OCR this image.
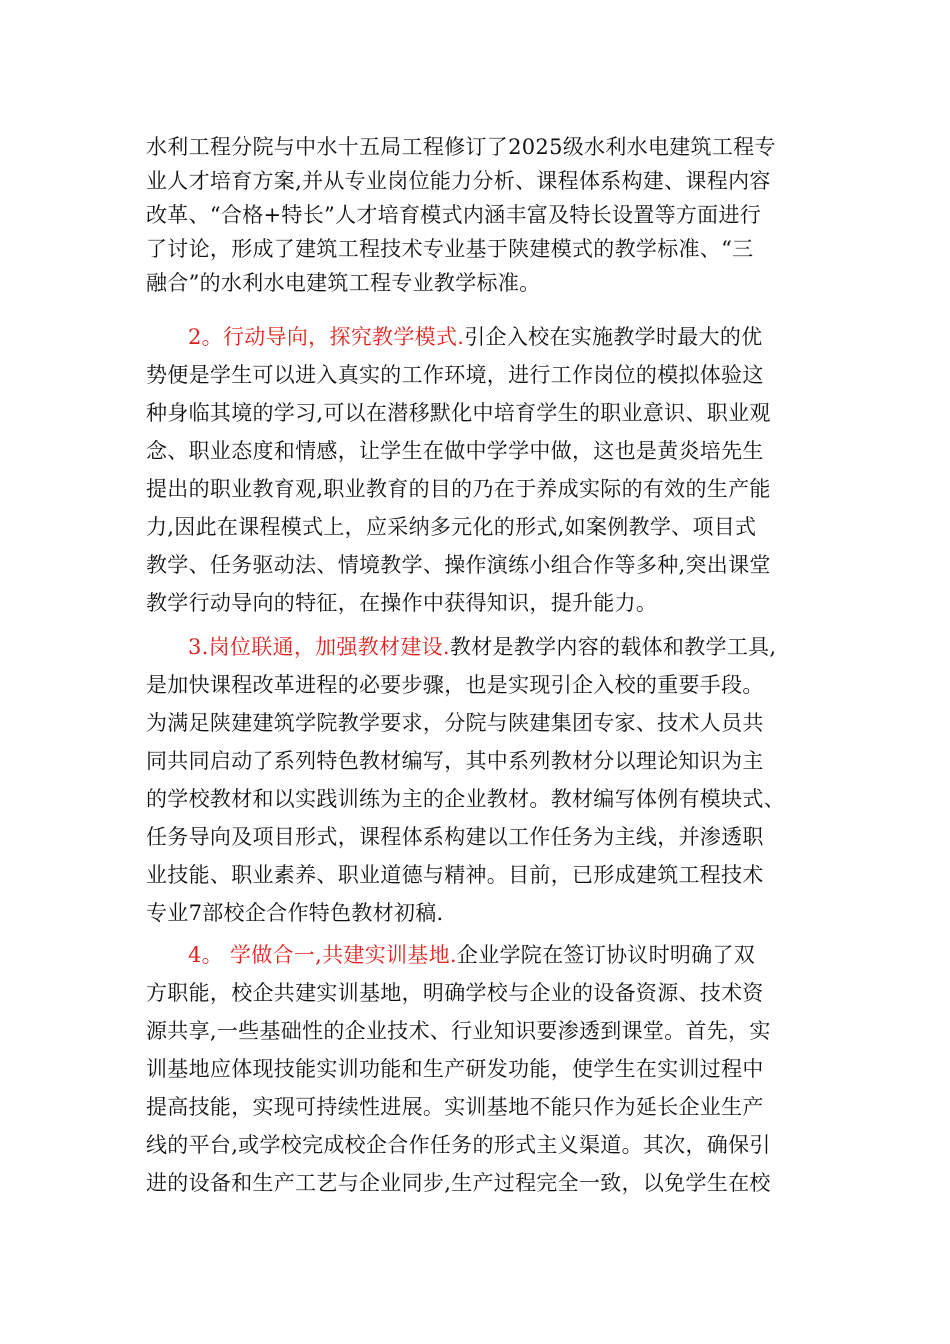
水利工程分院与中水十五局工程修订了2025级水利水电建筑工程专
业人才培育方案,并从专业岗位能力分析、课程体系构建、课程内容
改革、“合格+特长”人才培育模式内涵丰富及特长设置等方面进行
了讨论，形成了建筑工程技术专业基于陕建模式的教学标准、“三
融合”的水利水电建筑工程专业教学标准。
2。行动导向，探究教学模式.引企入校在实施教学时最大的优
势便是学生可以进入真实的工作环境，进行工作岗位的模拟体验这
种身临其境的学习,可以在潜移默化中培育学生的职业意识、职业观
念、职业态度和情感，让学生在做中学学中做，这也是黄炎培先生
提出的职业教育观,职业教育的目的乃在于养成实际的有效的生产能
力,因此在课程模式上，应采纳多元化的形式,如案例教学、项目式
教学、任务驱动法、情境教学、操作演练小组合作等多种,突出课堂
教学行动导向的特征，在操作中获得知识，提升能力。
3.岗位联通，加强教材建设.教材是教学内容的载体和教学工具,
是加快课程改革进程的必要步骤，也是实现引企入校的重要手段。
为满足陕建建筑学院教学要求，分院与陕建集团专家、技术人员共
同共同启动了系列特色教材编写，其中系列教材分以理论知识为主
的学校教材和以实践训练为主的企业教材。教材编写体例有模块式、
任务导向及项目形式，课程体系构建以工作任务为主线，并渗透职
业技能、职业素养、职业道德与精神。目前，已形成建筑工程技术
专业7部校企合作特色教材初稿.
4。 学做合一,共建实训基地.企业学院在签订协议时明确了双
方职能，校企共建实训基地，明确学校与企业的设备资源、技术资
源共享,一些基础性的企业技术、行业知识要渗透到课堂。首先，实
训基地应体现技能实训功能和生产研发功能，使学生在实训过程中
提高技能，实现可持续性进展。实训基地不能只作为延长企业生产
线的平台,或学校完成校企合作任务的形式主义渠道。其次，确保引
进的设备和生产工艺与企业同步,生产过程完全一致，以免学生在校
